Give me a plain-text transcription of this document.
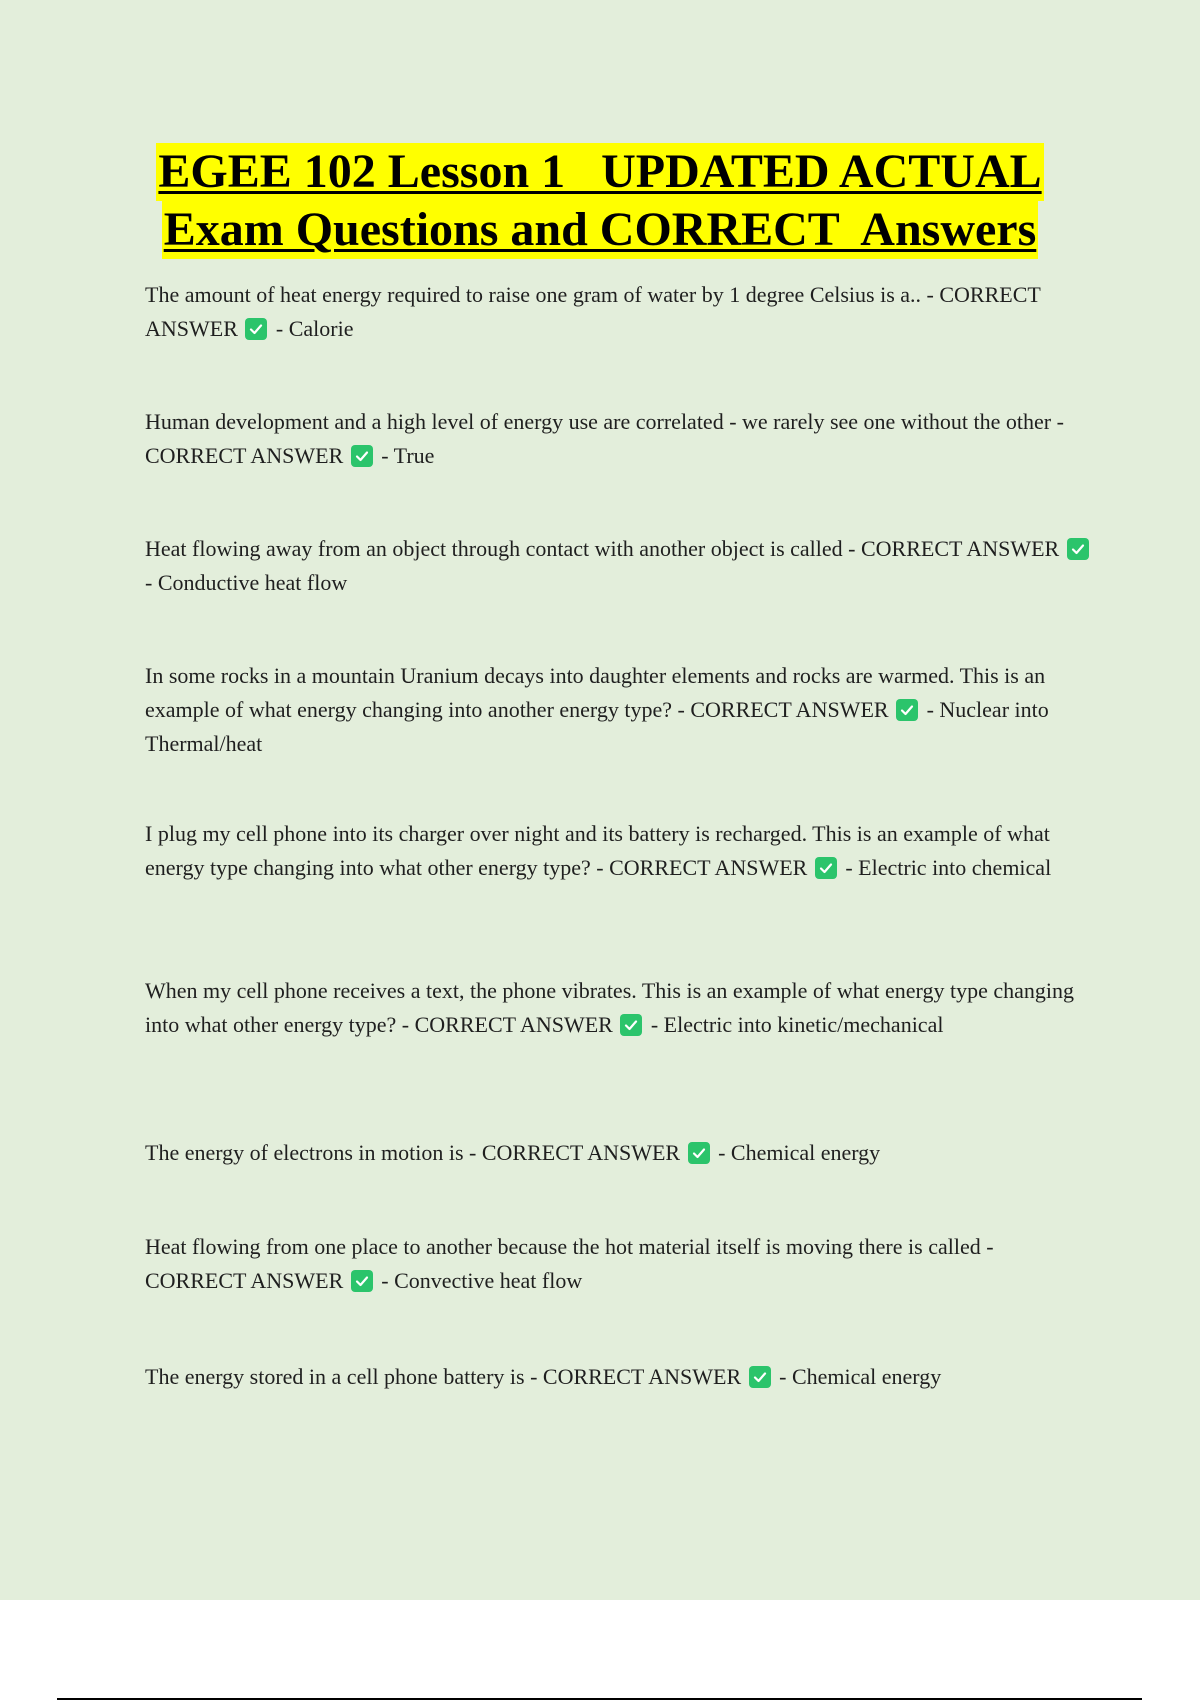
EGEE 102 Lesson 1   UPDATED ACTUAL
Exam Questions and CORRECT  Answers

The amount of heat energy required to raise one gram of water by 1 degree Celsius is a.. - CORRECT ANSWER - Calorie

Human development and a high level of energy use are correlated - we rarely see one without the other - CORRECT ANSWER - True

Heat flowing away from an object through contact with another object is called - CORRECT ANSWER
- Conductive heat flow

In some rocks in a mountain Uranium decays into daughter elements and rocks are warmed. This is an example of what energy changing into another energy type? - CORRECT ANSWER - Nuclear into Thermal/heat

I plug my cell phone into its charger over night and its battery is recharged. This is an example of what energy type changing into what other energy type? - CORRECT ANSWER - Electric into chemical

When my cell phone receives a text, the phone vibrates. This is an example of what energy type changing into what other energy type? - CORRECT ANSWER - Electric into kinetic/mechanical

The energy of electrons in motion is - CORRECT ANSWER - Chemical energy

Heat flowing from one place to another because the hot material itself is moving there is called - CORRECT ANSWER - Convective heat flow

The energy stored in a cell phone battery is - CORRECT ANSWER - Chemical energy
